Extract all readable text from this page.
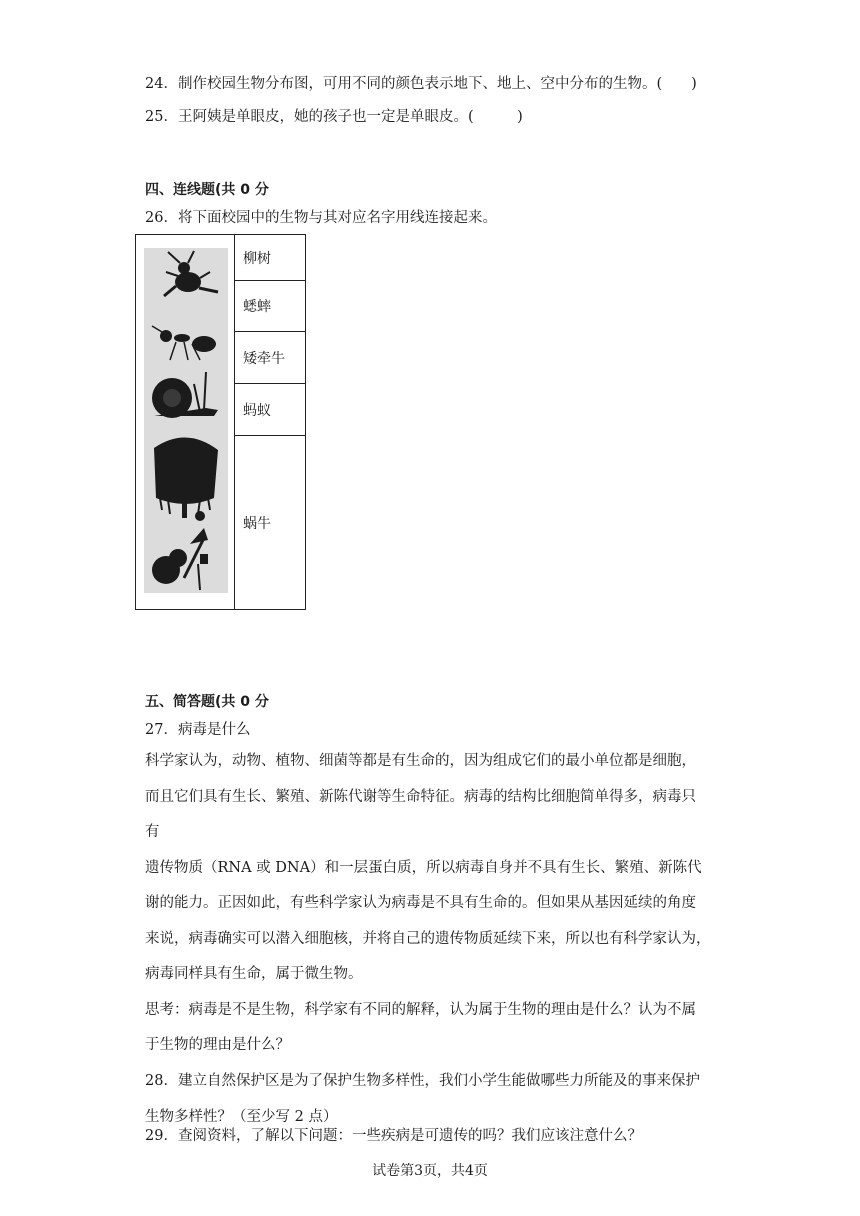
24．制作校园生物分布图，可用不同的颜色表示地下、地上、空中分布的生物。(　　)
25．王阿姨是单眼皮，她的孩子也一定是单眼皮。(　　　)
四、连线题(共 0 分
26．将下面校园中的生物与其对应名字用线连接起来。
	柳树
蟋蟀
矮牵牛
蚂蚁
蜗牛
五、简答题(共 0 分
27．病毒是什么
科学家认为，动物、植物、细菌等都是有生命的，因为组成它们的最小单位都是细胞，
而且它们具有生长、繁殖、新陈代谢等生命特征。病毒的结构比细胞简单得多，病毒只
有
遗传物质（RNA 或 DNA）和一层蛋白质，所以病毒自身并不具有生长、繁殖、新陈代
谢的能力。正因如此，有些科学家认为病毒是不具有生命的。但如果从基因延续的角度
来说，病毒确实可以潜入细胞核，并将自己的遗传物质延续下来，所以也有科学家认为，
病毒同样具有生命，属于微生物。
思考：病毒是不是生物，科学家有不同的解释，认为属于生物的理由是什么？认为不属
于生物的理由是什么？
28．建立自然保护区是为了保护生物多样性，我们小学生能做哪些力所能及的事来保护
生物多样性？（至少写 2 点）
29．查阅资料，了解以下问题：一些疾病是可遗传的吗？我们应该注意什么？
试卷第3页，共4页
